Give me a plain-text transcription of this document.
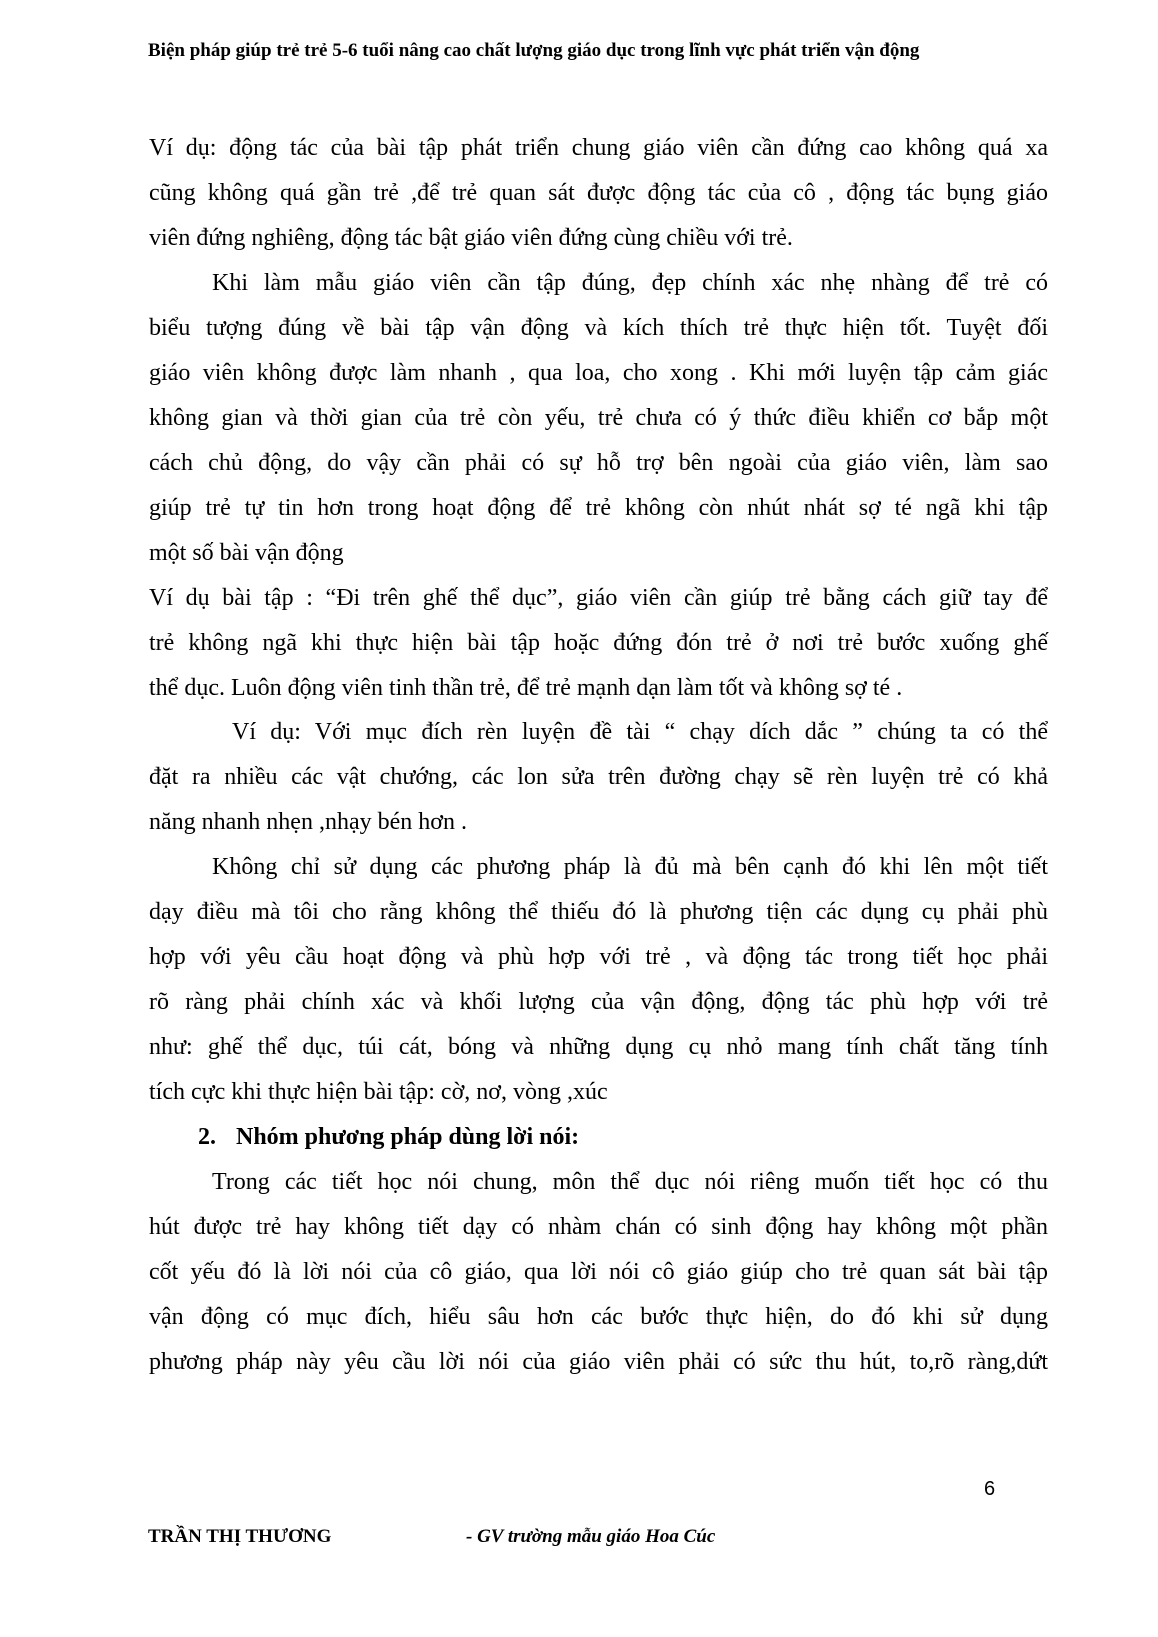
Biện pháp giúp trẻ trẻ 5-6 tuổi nâng cao chất lượng giáo dục trong lĩnh vực phát triển vận động
Ví dụ: động tác của bài tập phát triển chung giáo viên cần đứng cao không quá xa
cũng không quá gần trẻ ,để trẻ quan sát được động tác của cô , động tác bụng giáo
viên đứng nghiêng, động tác bật giáo viên đứng cùng chiều với trẻ.
Khi làm mẫu giáo viên cần tập đúng, đẹp chính xác nhẹ nhàng để trẻ có
biểu tượng đúng về bài tập vận động và kích thích trẻ thực hiện tốt. Tuyệt đối
giáo viên không được làm nhanh , qua loa, cho xong . Khi mới luyện tập cảm giác
không gian và thời gian của trẻ còn yếu, trẻ chưa có ý thức điều khiển cơ bắp một
cách chủ động, do vậy cần phải có sự hỗ trợ bên ngoài của giáo viên, làm sao
giúp trẻ tự tin hơn trong hoạt động để trẻ không còn nhút nhát sợ té ngã khi tập
một số bài vận động
Ví dụ bài tập : “Đi trên ghế thể dục”, giáo viên cần giúp trẻ bằng cách giữ tay để
trẻ không ngã khi thực hiện bài tập hoặc đứng đón trẻ ở nơi trẻ bước xuống ghế
thể dục. Luôn động viên tinh thần trẻ, để trẻ mạnh dạn làm tốt và không sợ té .
Ví dụ: Với mục đích rèn luyện đề tài “ chạy dích dắc ” chúng ta có thể
đặt ra nhiều các vật chướng, các lon sửa trên đường chạy sẽ rèn luyện trẻ có khả
năng nhanh nhẹn ,nhạy bén hơn .
Không chỉ sử dụng các phương pháp là đủ mà bên cạnh đó khi lên một tiết
dạy điều mà tôi cho rằng không thể thiếu đó là phương tiện các dụng cụ phải phù
hợp với yêu cầu hoạt động và phù hợp với trẻ , và động tác trong tiết học phải
rõ ràng phải chính xác và khối lượng của vận động, động tác phù hợp với trẻ
như: ghế thể dục, túi cát, bóng và những dụng cụ nhỏ mang tính chất tăng tính
tích cực khi thực hiện bài tập: cờ, nơ, vòng ,xúc
2. Nhóm phương pháp dùng lời nói:
Trong các tiết học nói chung, môn thể dục nói riêng muốn tiết học có thu
hút được trẻ hay không tiết dạy có nhàm chán có sinh động hay không một phần
cốt yếu đó là lời nói của cô giáo, qua lời nói cô giáo giúp cho trẻ quan sát bài tập
vận động có mục đích, hiểu sâu hơn các bước thực hiện, do đó khi sử dụng
phương pháp này yêu cầu lời nói của giáo viên phải có sức thu hút, to,rõ ràng,dứt
6
TRẦN THỊ THƯƠNG	- GV trường mẫu giáo Hoa Cúc
